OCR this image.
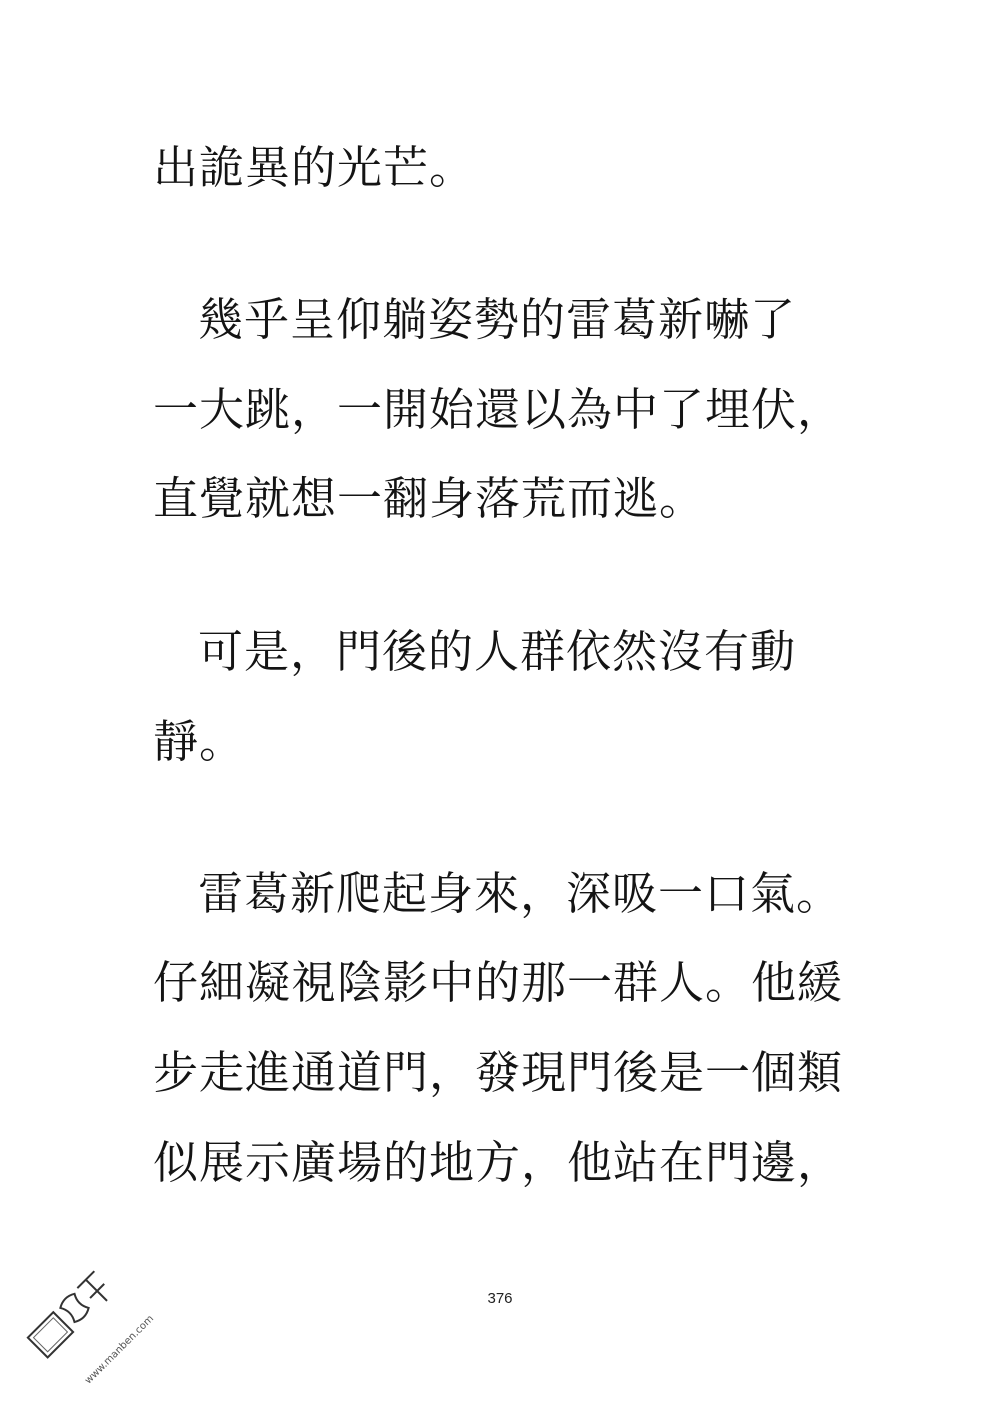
出詭異的光芒。
幾乎呈仰躺姿勢的雷葛新嚇了
一大跳，一開始還以為中了埋伏，
直覺就想一翻身落荒而逃。
可是，門後的人群依然沒有動
靜。
雷葛新爬起身來，深吸一口氣。
仔細凝視陰影中的那一群人。他緩
步走進通道門，發現門後是一個類
似展示廣場的地方，他站在門邊，
376
www.manben.com
